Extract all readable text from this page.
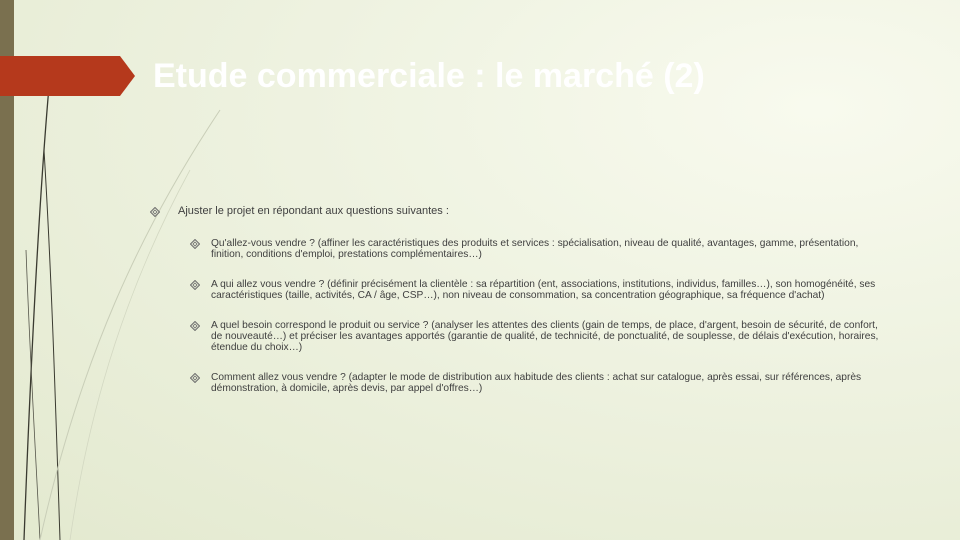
Etude commerciale : le marché (2)
Ajuster le projet en répondant aux questions suivantes :
Qu'allez-vous vendre ? (affiner les caractéristiques des produits et services : spécialisation, niveau de qualité, avantages, gamme, présentation, finition, conditions d'emploi, prestations complémentaires…)
A qui allez vous vendre ? (définir précisément la clientèle : sa répartition (ent, associations, institutions, individus, familles…), son homogénéité, ses caractéristiques (taille, activités, CA / âge, CSP…), non niveau de consommation, sa concentration géographique, sa fréquence d'achat)
A quel besoin correspond le produit ou service ? (analyser les attentes des clients (gain de temps, de place, d'argent, besoin de sécurité, de confort, de nouveauté…) et préciser les avantages apportés (garantie de qualité, de technicité, de ponctualité, de souplesse, de délais d'exécution, horaires, étendue du choix…)
Comment allez vous vendre ? (adapter le mode de distribution aux habitude des clients : achat sur catalogue, après essai, sur références, après démonstration, à domicile, après devis, par appel d'offres…)
